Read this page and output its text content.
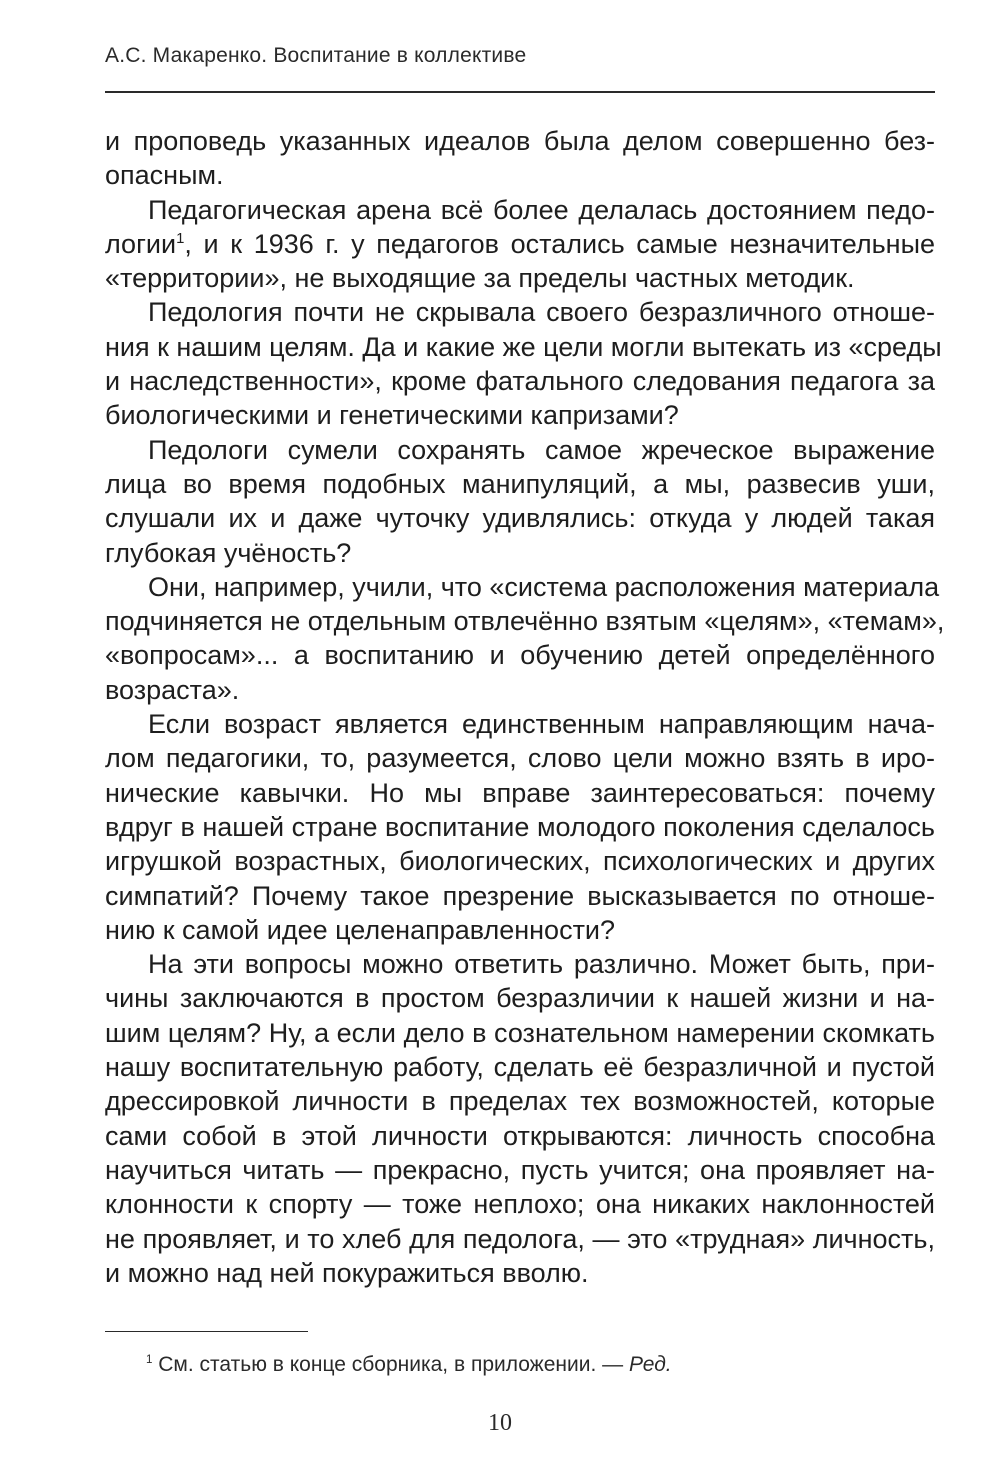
А.С. Макаренко. Воспитание в коллективе
и проповедь указанных идеалов была делом совершенно без-
опасным.
Педагогическая арена всё более делалась достоянием педо-
логии$^1$, и к 1936 г. у педагогов остались самые незначительные
«территории», не выходящие за пределы частных методик.
Педология почти не скрывала своего безразличного отноше-
ния к нашим целям. Да и какие же цели могли вытекать из «среды
и наследственности», кроме фатального следования педагога за
биологическими и генетическими капризами?
Педологи сумели сохранять самое жреческое выражение
лица во время подобных манипуляций, а мы, развесив уши,
слушали их и даже чуточку удивлялись: откуда у людей такая
глубокая учёность?
Они, например, учили, что «система расположения материала
подчиняется не отдельным отвлечённо взятым «целям», «темам»,
«вопросам»... а воспитанию и обучению детей определённого
возраста».
Если возраст является единственным направляющим нача-
лом педагогики, то, разумеется, слово цели можно взять в иро-
нические кавычки. Но мы вправе заинтересоваться: почему
вдруг в нашей стране воспитание молодого поколения сделалось
игрушкой возрастных, биологических, психологических и других
симпатий? Почему такое презрение высказывается по отноше-
нию к самой идее целенаправленности?
На эти вопросы можно ответить различно. Может быть, при-
чины заключаются в простом безразличии к нашей жизни и на-
шим целям? Ну, а если дело в сознательном намерении скомкать
нашу воспитательную работу, сделать её безразличной и пустой
дрессировкой личности в пределах тех возможностей, которые
сами собой в этой личности открываются: личность способна
научиться читать — прекрасно, пусть учится; она проявляет на-
клонности к спорту — тоже неплохо; она никаких наклонностей
не проявляет, и то хлеб для педолога, — это «трудная» личность,
и можно над ней покуражиться вволю.
$^1$ См. статью в конце сборника, в приложении. — Ред.
10
